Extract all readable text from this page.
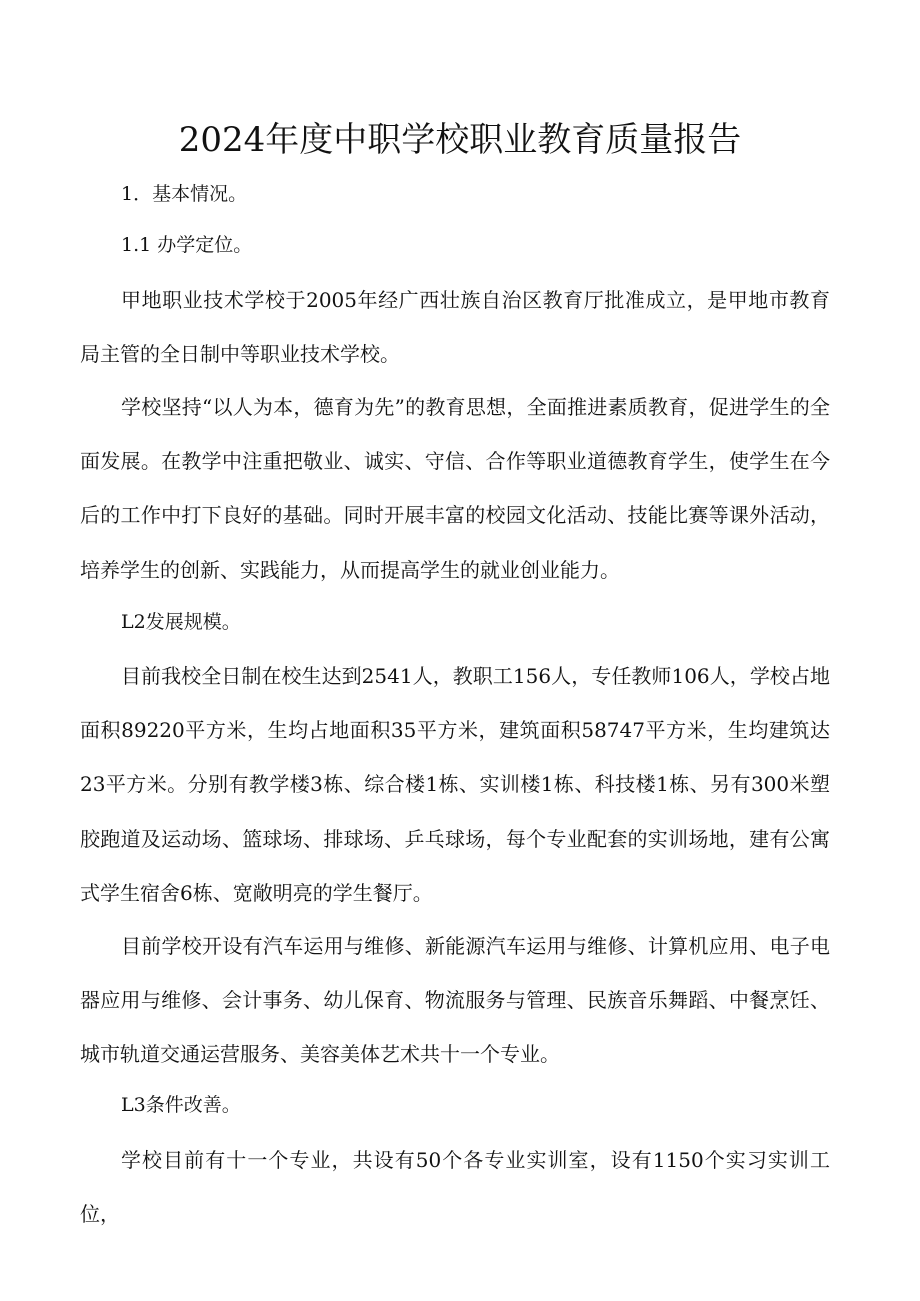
2024年度中职学校职业教育质量报告

1．基本情况。

1.1 办学定位。

甲地职业技术学校于2005年经广西壮族自治区教育厅批准成立，是甲地市教育局主管的全日制中等职业技术学校。

学校坚持“以人为本，德育为先”的教育思想，全面推进素质教育，促进学生的全面发展。在教学中注重把敬业、诚实、守信、合作等职业道德教育学生，使学生在今后的工作中打下良好的基础。同时开展丰富的校园文化活动、技能比赛等课外活动，培养学生的创新、实践能力，从而提高学生的就业创业能力。

L2发展规模。

目前我校全日制在校生达到2541人，教职工156人，专任教师106人，学校占地面积89220平方米，生均占地面积35平方米，建筑面积58747平方米，生均建筑达23平方米。分别有教学楼3栋、综合楼1栋、实训楼1栋、科技楼1栋、另有300米塑胶跑道及运动场、篮球场、排球场、乒乓球场，每个专业配套的实训场地，建有公寓式学生宿舍6栋、宽敞明亮的学生餐厅。

目前学校开设有汽车运用与维修、新能源汽车运用与维修、计算机应用、电子电器应用与维修、会计事务、幼儿保育、物流服务与管理、民族音乐舞蹈、中餐烹饪、城市轨道交通运营服务、美容美体艺术共十一个专业。

L3条件改善。

学校目前有十一个专业，共设有50个各专业实训室，设有1150个实习实训工位，
